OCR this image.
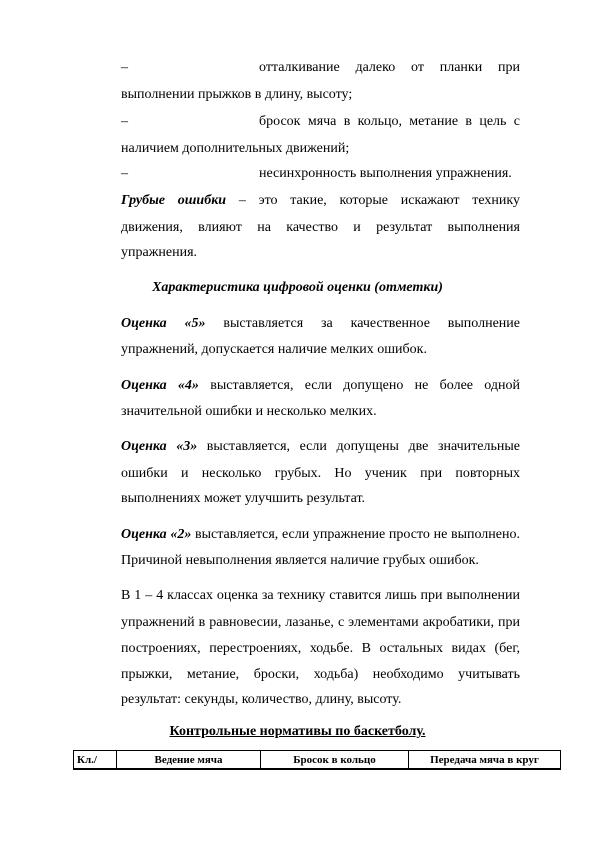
–	отталкивание далеко от планки при
выполнении прыжков в длину, высоту;
–	бросок мяча в кольцо, метание в цель с
наличием дополнительных движений;
–	несинхронность выполнения упражнения.
Грубые ошибки – это такие, которые искажают технику
движения, влияют на качество и результат выполнения
упражнения.
Характеристика цифровой оценки (отметки)
Оценка «5» выставляется за качественное выполнение
упражнений, допускается наличие мелких ошибок.
Оценка «4» выставляется, если допущено не более одной
значительной ошибки и несколько мелких.
Оценка «3» выставляется, если допущены две значительные
ошибки и несколько грубых. Но ученик при повторных
выполнениях может улучшить результат.
Оценка «2» выставляется, если упражнение просто не выполнено.
Причиной невыполнения является наличие грубых ошибок.
В 1 – 4 классах оценка за технику ставится лишь при выполнении
упражнений в равновесии, лазанье, с элементами акробатики, при
построениях, перестроениях, ходьбе. В остальных видах (бег,
прыжки, метание, броски, ходьба) необходимо учитывать
результат: секунды, количество, длину, высоту.
Контрольные нормативы по баскетболу.
Кл./	Ведение мяча	Бросок в кольцо	Передача мяча в круг
